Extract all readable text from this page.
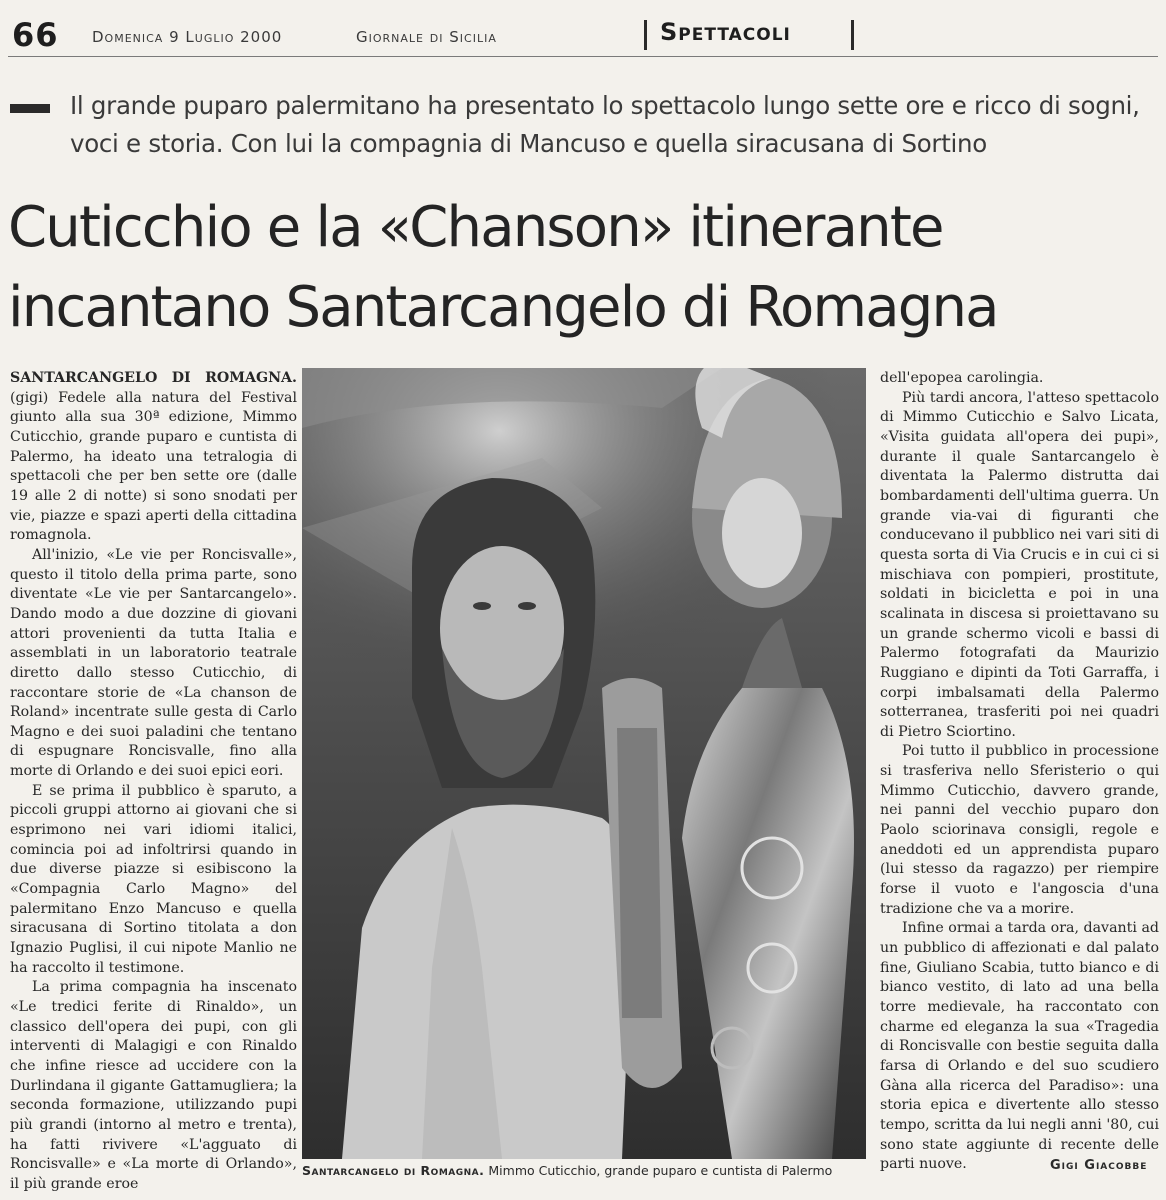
66 Domenica 9 Luglio 2000	Giornale di Sicilia	Spettacoli
Il grande puparo palermitano ha presentato lo spettacolo lungo sette ore e ricco di sogni, voci e storia. Con lui la compagnia di Mancuso e quella siracusana di Sortino
Cuticchio e la «Chanson» itinerante
incantano Santarcangelo di Romagna

SANTARCANGELO DI ROMAGNA. (gigi) Fedele alla natura del Festival giunto alla sua 30ª edizione, Mimmo Cuticchio, grande puparo e cuntista di Palermo, ha ideato una tetralogia di spettacoli che per ben sette ore (dalle 19 alle 2 di notte) si sono snodati per vie, piazze e spazi aperti della cittadina romagnola.

All'inizio, «Le vie per Roncisvalle», questo il titolo della prima parte, sono diventate «Le vie per Santarcangelo». Dando modo a due dozzine di giovani attori provenienti da tutta Italia e assemblati in un laboratorio teatrale diretto dallo stesso Cuticchio, di raccontare storie de «La chanson de Roland» incentrate sulle gesta di Carlo Magno e dei suoi paladini che tentano di espugnare Roncisvalle, fino alla morte di Orlando e dei suoi epici eori.

E se prima il pubblico è sparuto, a piccoli gruppi attorno ai giovani che si esprimono nei vari idiomi italici, comincia poi ad infoltrirsi quando in due diverse piazze si esibiscono la «Compagnia Carlo Magno» del palermitano Enzo Mancuso e quella siracusana di Sortino titolata a don Ignazio Puglisi, il cui nipote Manlio ne ha raccolto il testimone.

La prima compagnia ha inscenato «Le tredici ferite di Rinaldo», un classico dell'opera dei pupi, con gli interventi di Malagigi e con Rinaldo che infine riesce ad uccidere con la Durlindana il gigante Gattamugliera; la seconda formazione, utilizzando pupi più grandi (intorno al metro e trenta), ha fatti rivivere «L'agguato di Roncisvalle» e «La morte di Orlando», il più grande eroe

Santarcangelo di Romagna. Mimmo Cuticchio, grande puparo e cuntista di Palermo

dell'epopea carolingia.

Più tardi ancora, l'atteso spettacolo di Mimmo Cuticchio e Salvo Licata, «Visita guidata all'opera dei pupi», durante il quale Santarcangelo è diventata la Palermo distrutta dai bombardamenti dell'ultima guerra. Un grande via-vai di figuranti che conducevano il pubblico nei vari siti di questa sorta di Via Crucis e in cui ci si mischiava con pompieri, prostitute, soldati in bicicletta e poi in una scalinata in discesa si proiettavano su un grande schermo vicoli e bassi di Palermo fotografati da Maurizio Ruggiano e dipinti da Toti Garraffa, i corpi imbalsamati della Palermo sotterranea, trasferiti poi nei quadri di Pietro Sciortino.

Poi tutto il pubblico in processione si trasferiva nello Sferisterio o qui Mimmo Cuticchio, davvero grande, nei panni del vecchio puparo don Paolo sciorinava consigli, regole e aneddoti ed un apprendista puparo (lui stesso da ragazzo) per riempire forse il vuoto e l'angoscia d'una tradizione che va a morire.

Infine ormai a tarda ora, davanti ad un pubblico di affezionati e dal palato fine, Giuliano Scabia, tutto bianco e di bianco vestito, di lato ad una bella torre medievale, ha raccontato con charme ed eleganza la sua «Tragedia di Roncisvalle con bestie seguita dalla farsa di Orlando e del suo scudiero Gàna alla ricerca del Paradiso»: una storia epica e divertente allo stesso tempo, scritta da lui negli anni '80, cui sono state aggiunte di recente delle parti nuove.	Gigi Giacobbe
